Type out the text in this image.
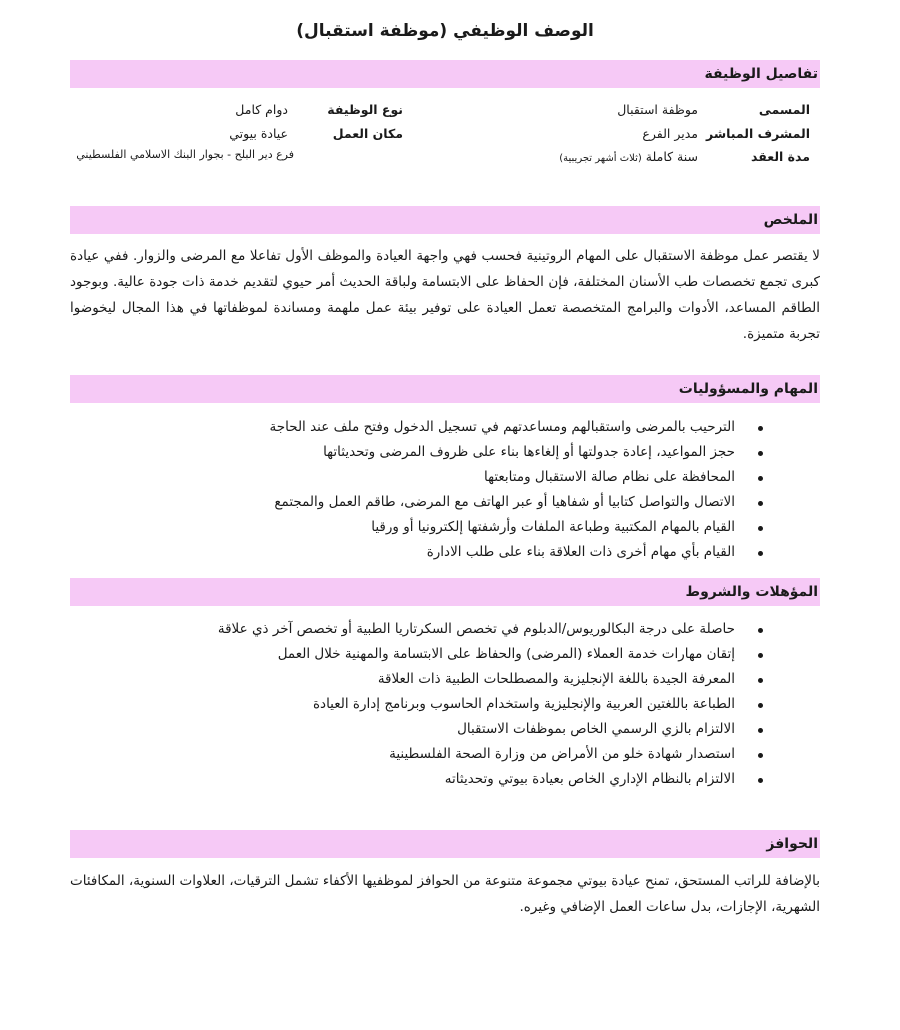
الوصف الوظيفي (موظفة استقبال)
تفاصيل الوظيفة
المسمى
موظفة استقبال
نوع الوظيفة
دوام كامل
المشرف المباشر
مدير الفرع
مكان العمل
عيادة بيوتي
مدة العقد
سنة كاملة (ثلاث أشهر تجريبية)
فرع دير البلح - بجوار البنك الاسلامي الفلسطيني
الملخص

لا يقتصر عمل موظفة الاستقبال على المهام الروتينية فحسب فهي واجهة العيادة والموظف الأول تفاعلا مع المرضى والزوار. ففي عيادة كبرى تجمع تخصصات طب الأسنان المختلفة، فإن الحفاظ على الابتسامة ولباقة الحديث أمر حيوي لتقديم خدمة ذات جودة عالية. وبوجود الطاقم المساعد، الأدوات والبرامج المتخصصة تعمل العيادة على توفير بيئة عمل ملهمة ومساندة لموظفاتها في هذا المجال ليخوضوا تجربة متميزة.

المهام والمسؤوليات
الترحيب بالمرضى واستقبالهم ومساعدتهم في تسجيل الدخول وفتح ملف عند الحاجة
حجز المواعيد، إعادة جدولتها أو إلغاءها بناء على ظروف المرضى وتحديثاتها
المحافظة على نظام صالة الاستقبال ومتابعتها
الاتصال والتواصل كتابيا أو شفاهيا أو عبر الهاتف مع المرضى، طاقم العمل والمجتمع
القيام بالمهام المكتبية وطباعة الملفات وأرشفتها إلكترونيا أو ورقيا
القيام بأي مهام أخرى ذات العلاقة بناء على طلب الادارة
المؤهلات والشروط
حاصلة على درجة البكالوريوس/الدبلوم في تخصص السكرتاريا الطبية أو تخصص آخر ذي علاقة
إتقان مهارات خدمة العملاء (المرضى) والحفاظ على الابتسامة والمهنية خلال العمل
المعرفة الجيدة باللغة الإنجليزية والمصطلحات الطبية ذات العلاقة
الطباعة باللغتين العربية والإنجليزية واستخدام الحاسوب وبرنامج إدارة العيادة
الالتزام بالزي الرسمي الخاص بموظفات الاستقبال
استصدار شهادة خلو من الأمراض من وزارة الصحة الفلسطينية
الالتزام بالنظام الإداري الخاص بعيادة بيوتي وتحديثاته
الحوافز

بالإضافة للراتب المستحق، تمنح عيادة بيوتي مجموعة متنوعة من الحوافز لموظفيها الأكفاء تشمل الترقيات، العلاوات السنوية، المكافئات الشهرية، الإجازات، بدل ساعات العمل الإضافي وغيره.
